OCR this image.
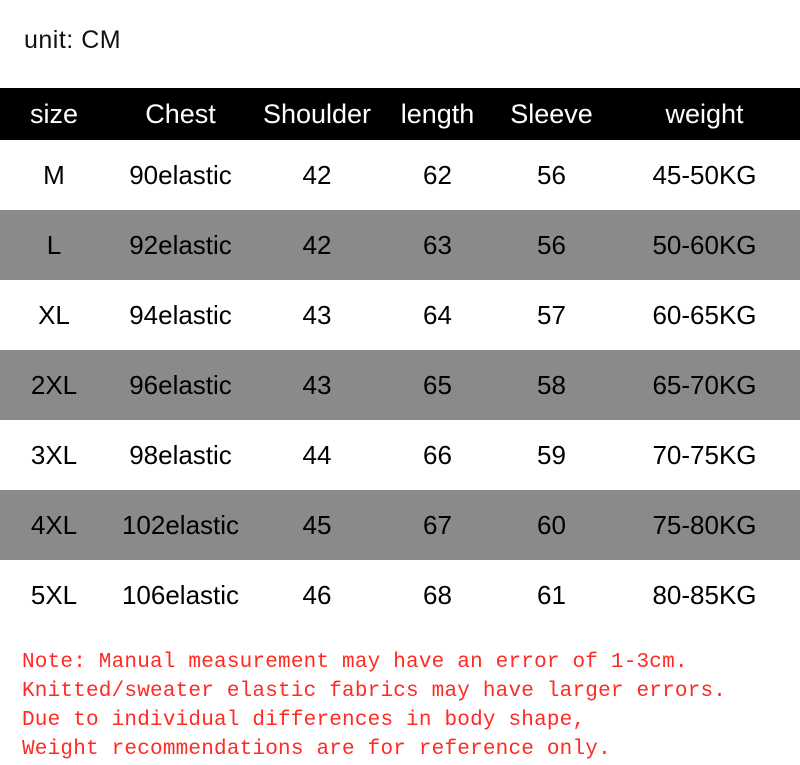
unit: CM
size	Chest	Shoulder	length	Sleeve	weight
M	90elastic	42	62	56	45-50KG
L	92elastic	42	63	56	50-60KG
XL	94elastic	43	64	57	60-65KG
2XL	96elastic	43	65	58	65-70KG
3XL	98elastic	44	66	59	70-75KG
4XL	102elastic	45	67	60	75-80KG
5XL	106elastic	46	68	61	80-85KG
Note: Manual measurement may have an error of 1-3cm.
Knitted/sweater elastic fabrics may have larger errors.
Due to individual differences in body shape,
Weight recommendations are for reference only.
